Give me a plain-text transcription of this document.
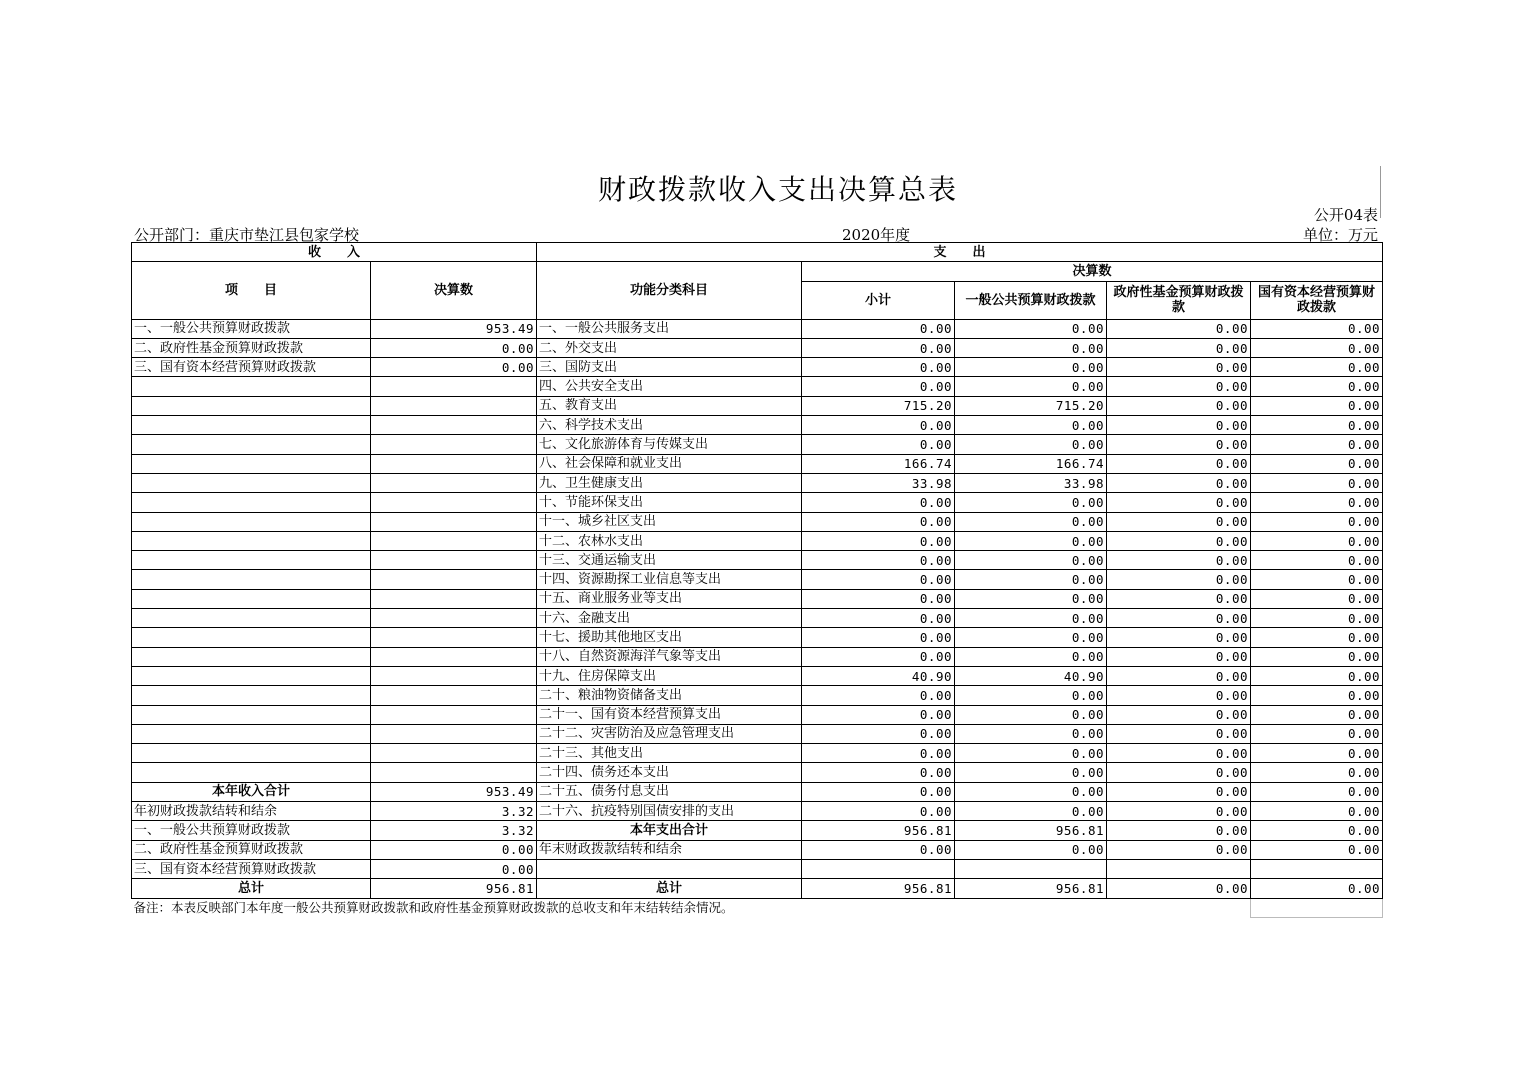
财政拨款收入支出决算总表
公开04表
公开部门：重庆市垫江县包家学校	2020年度	单位：万元
收　　入		支　　出				
项　　目	决算数	功能分类科目	决算数			
			小计	一般公共预算财政拨款	政府性基金预算财政拨款	国有资本经营预算财政拨款
一、一般公共预算财政拨款	953.49	一、一般公共服务支出	0.00	0.00	0.00	0.00
二、政府性基金预算财政拨款	0.00	二、外交支出	0.00	0.00	0.00	0.00
三、国有资本经营预算财政拨款	0.00	三、国防支出	0.00	0.00	0.00	0.00
		四、公共安全支出	0.00	0.00	0.00	0.00
		五、教育支出	715.20	715.20	0.00	0.00
		六、科学技术支出	0.00	0.00	0.00	0.00
		七、文化旅游体育与传媒支出	0.00	0.00	0.00	0.00
		八、社会保障和就业支出	166.74	166.74	0.00	0.00
		九、卫生健康支出	33.98	33.98	0.00	0.00
		十、节能环保支出	0.00	0.00	0.00	0.00
		十一、城乡社区支出	0.00	0.00	0.00	0.00
		十二、农林水支出	0.00	0.00	0.00	0.00
		十三、交通运输支出	0.00	0.00	0.00	0.00
		十四、资源勘探工业信息等支出	0.00	0.00	0.00	0.00
		十五、商业服务业等支出	0.00	0.00	0.00	0.00
		十六、金融支出	0.00	0.00	0.00	0.00
		十七、援助其他地区支出	0.00	0.00	0.00	0.00
		十八、自然资源海洋气象等支出	0.00	0.00	0.00	0.00
		十九、住房保障支出	40.90	40.90	0.00	0.00
		二十、粮油物资储备支出	0.00	0.00	0.00	0.00
		二十一、国有资本经营预算支出	0.00	0.00	0.00	0.00
		二十二、灾害防治及应急管理支出	0.00	0.00	0.00	0.00
		二十三、其他支出	0.00	0.00	0.00	0.00
		二十四、债务还本支出	0.00	0.00	0.00	0.00
本年收入合计	953.49	二十五、债务付息支出	0.00	0.00	0.00	0.00
年初财政拨款结转和结余	3.32	二十六、抗疫特别国债安排的支出	0.00	0.00	0.00	0.00
一、一般公共预算财政拨款	3.32	本年支出合计	956.81	956.81	0.00	0.00
二、政府性基金预算财政拨款	0.00	年末财政拨款结转和结余	0.00	0.00	0.00	0.00
三、国有资本经营预算财政拨款	0.00					
总计	956.81	总计	956.81	956.81	0.00	0.00
备注：本表反映部门本年度一般公共预算财政拨款和政府性基金预算财政拨款的总收支和年末结转结余情况。						
